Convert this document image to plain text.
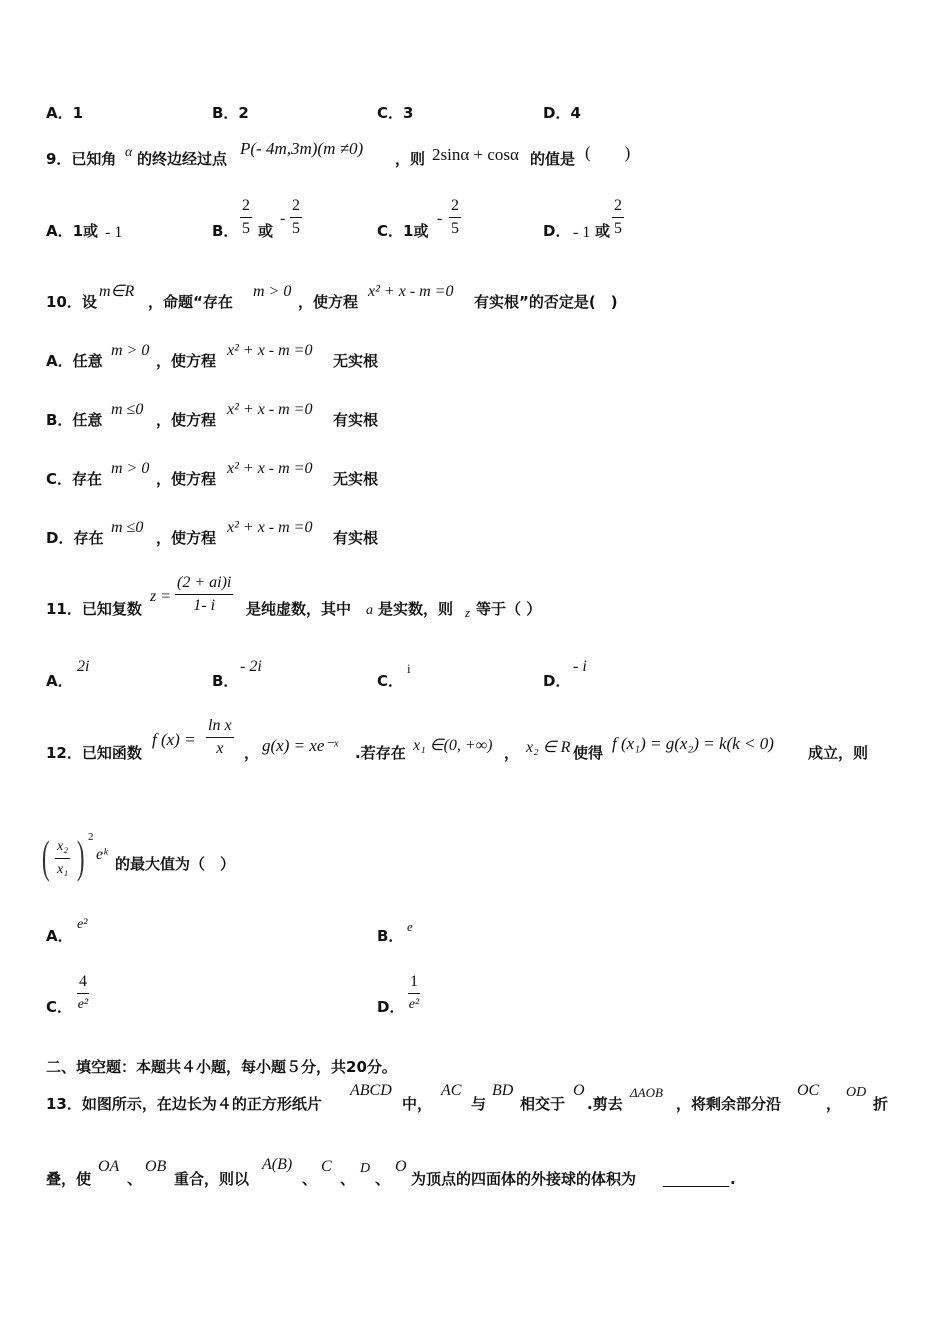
A．1	B．2	C．3	D．4
9．已知角 α 的终边经过点
P(- 4m,3m)(m ≠0)
，则 2sinα + cosα 的值是 (　　)
A．1或 - 1	B． $\frac{2}{5}$ 或
- $\frac{2}{5}$	C．1或
- $\frac{2}{5}$	D． - 1 或 $\frac{2}{5}$
10．设
m∈R
，命题“存在
m > 0
，使方程
x² + x - m =0
有实根”的否定是(　)
A．任意
m > 0
，使方程
x² + x - m =0
无实根
B．任意
m ≤0
，使方程
x² + x - m =0
有实根
C．存在
m > 0
，使方程
x² + x - m =0
无实根
D．存在
m ≤0
，使方程
x² + x - m =0
有实根
11．已知复数
$z = \frac{(2 + ai)i}{1- i}$ 是纯虚数，其中 a 是实数，则 z 等于（ ）
A．
2i
B．
- 2i
C．
i
D．
- i
12．已知函数
f $(x) = \frac{\text{ln x}}{x}$ ， g(x) = xe⁻ˣ .若存在 x₁ ∈(0, +∞) ， x₂ ∈ R 使得 f (x₁) = g(x₂) = k(k < 0) 成立，则
( $\frac{\text{x₂}}{\text{x₁}}$ ) 2
eᵏ
的最大值为（　）
A．
e²
B．
e
C． $\frac{4}{\text{e²}}$	D． $\frac{1}{\text{e²}}$
二、填空题：本题共４小题，每小题５分，共20分。
13．如图所示，在边长为４的正方形纸片
ABCD
中，
AC
与
BD
相交于
O
.剪去
ΔAOB
，将剩余部分沿
OC
，
OD
折
叠，使
OA
、
OB
重合，则以
A(B)
、
C
、
D
、
O
为顶点的四面体的外接球的体积为	.
